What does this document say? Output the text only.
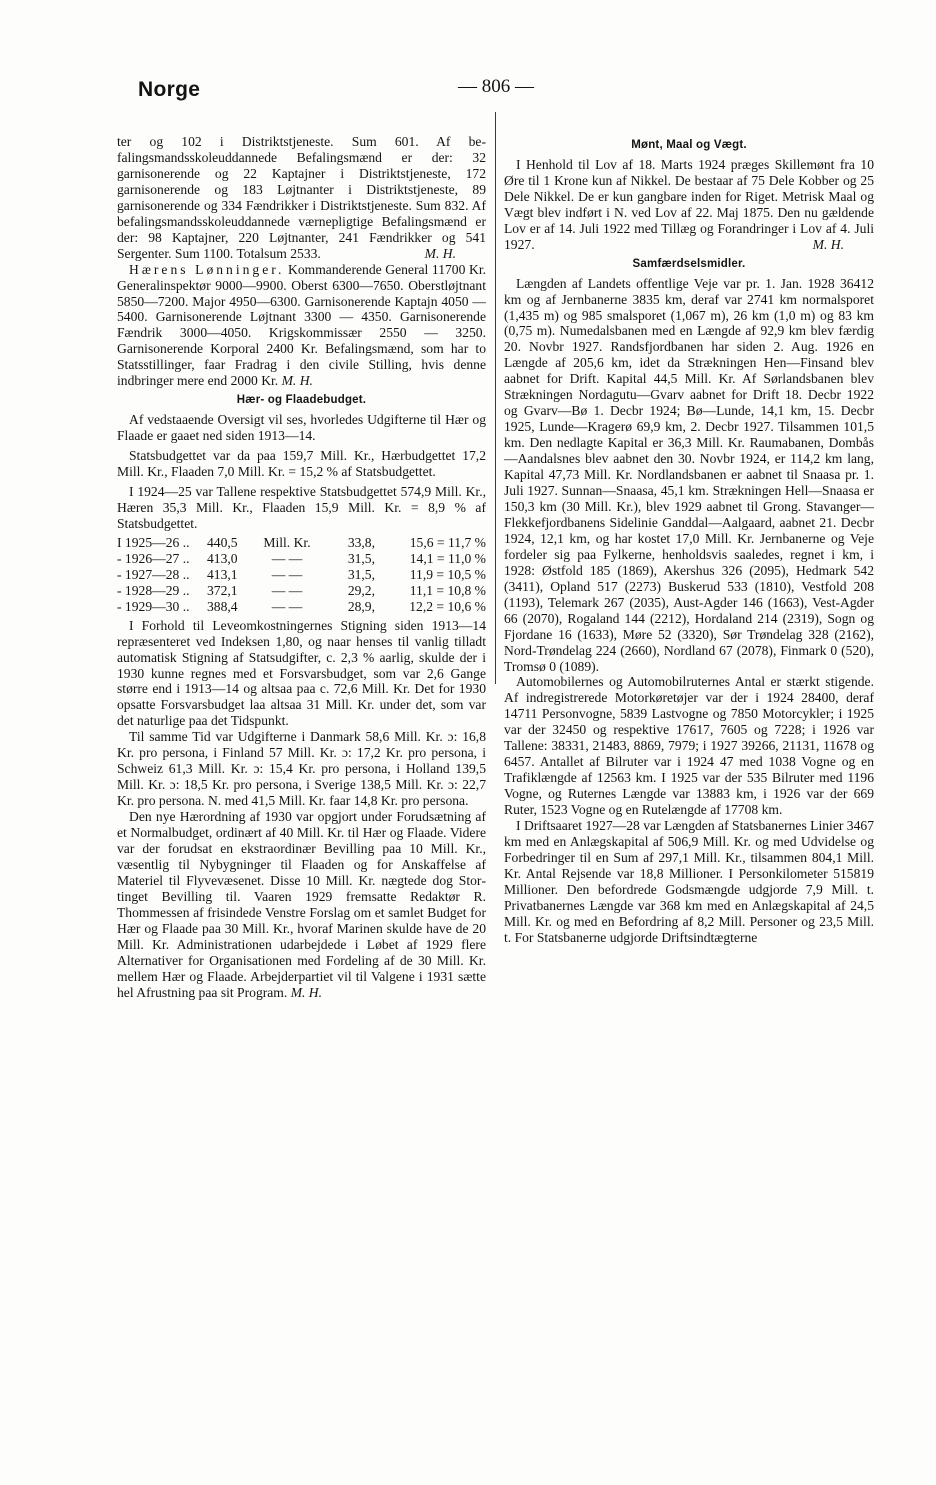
Norge	— 806 —

ter og 102 i Distriktstjeneste. Sum 601. Af befalingsmandsskoleuddannede Befalingsmænd er der: 32 garnisonerende og 22 Kaptajner i Distriktstjeneste, 172 garnisonerende og 183 Løjtnanter i Distriktstjeneste, 89 garnisonerende og 334 Fændrikker i Distriktstjeneste. Sum 832. Af befalingsmandsskoleuddannede værnepligtige Befalingsmænd er der: 98 Kaptajner, 220 Løjtnanter, 241 Fændrikker og 541 Sergenter. Sum 1100. Totalsum 2533.	M. H.

Hærens Lønninger. Kommanderende General 11700 Kr. Generalinspektør 9000—9900. Oberst 6300—7650. Oberstløjtnant 5850—7200. Major 4950—6300. Garnisonerende Kaptajn 4050 —5400. Garnisonerende Løjtnant 3300 — 4350. Garnisonerende Fændrik 3000—4050. Krigskommissær 2550 — 3250. Garnisonerende Korporal 2400 Kr. Befalingsmænd, som har to Statsstillinger, faar Fradrag i den civile Stilling, hvis denne indbringer mere end 2000 Kr. M. H.

Hær- og Flaadebudget.

Af vedstaaende Oversigt vil ses, hvorledes Udgifterne til Hær og Flaade er gaaet ned siden 1913—14.

Statsbudgettet var da paa 159,7 Mill. Kr., Hærbudgettet 17,2 Mill. Kr., Flaaden 7,0 Mill. Kr. = 15,2 % af Statsbudgettet.

I 1924—25 var Tallene respektive Statsbudgettet 574,9 Mill. Kr., Hæren 35,3 Mill. Kr., Flaaden 15,9 Mill. Kr. = 8,9 % af Statsbudgettet.

I 1925—26 ..	440,5	Mill. Kr.	33,8,	15,6 = 11,7 %
- 1926—27 ..	413,0	— —	31,5,	14,1 = 11,0 %
- 1927—28 ..	413,1	— —	31,5,	11,9 = 10,5 %
- 1928—29 ..	372,1	— —	29,2,	11,1 = 10,8 %
- 1929—30 ..	388,4	— —	28,9,	12,2 = 10,6 %

I Forhold til Leveomkostningernes Stigning siden 1913—14 repræsenteret ved Indeksen 1,80, og naar henses til vanlig tilladt automatisk Stigning af Statsudgifter, c. 2,3 % aarlig, skulde der i 1930 kunne regnes med et Forsvarsbudget, som var 2,6 Gange større end i 1913—14 og altsaa paa c. 72,6 Mill. Kr. Det for 1930 opsatte Forsvarsbudget laa altsaa 31 Mill. Kr. under det, som var det naturlige paa det Tidspunkt.

Til samme Tid var Udgifterne i Danmark 58,6 Mill. Kr. ɔ: 16,8 Kr. pro persona, i Finland 57 Mill. Kr. ɔ: 17,2 Kr. pro persona, i Schweiz 61,3 Mill. Kr. ɔ: 15,4 Kr. pro persona, i Holland 139,5 Mill. Kr. ɔ: 18,5 Kr. pro persona, i Sverige 138,5 Mill. Kr. ɔ: 22,7 Kr. pro persona. N. med 41,5 Mill. Kr. faar 14,8 Kr. pro persona.

Den nye Hærordning af 1930 var opgjort under Forudsætning af et Normalbudget, ordinært af 40 Mill. Kr. til Hær og Flaade. Videre var der forudsat en ekstraordinær Bevilling paa 10 Mill. Kr., væsentlig til Nybygninger til Flaaden og for Anskaffelse af Materiel til Flyvevæsenet. Disse 10 Mill. Kr. nægtede dog Stortinget Bevilling til. Vaaren 1929 fremsatte Redaktør R. Thommessen af frisindede Venstre Forslag om et samlet Budget for Hær og Flaade paa 30 Mill. Kr., hvoraf Marinen skulde have de 20 Mill. Kr. Administrationen udarbejdede i Løbet af 1929 flere Alternativer for Organisationen med Fordeling af de 30 Mill. Kr. mellem Hær og Flaade. Arbejderpartiet vil til Valgene i 1931 sætte hel Afrustning paa sit Program. M. H.

Mønt, Maal og Vægt.

I Henhold til Lov af 18. Marts 1924 præges Skillemønt fra 10 Øre til 1 Krone kun af Nikkel. De bestaar af 75 Dele Kobber og 25 Dele Nikkel. De er kun gangbare inden for Riget. Metrisk Maal og Vægt blev indført i N. ved Lov af 22. Maj 1875. Den nu gældende Lov er af 14. Juli 1922 med Tillæg og Forandringer i Lov af 4. Juli 1927.	M. H.

Samfærdselsmidler.

Længden af Landets offentlige Veje var pr. 1. Jan. 1928 36412 km og af Jernbanerne 3835 km, deraf var 2741 km normalsporet (1,435 m) og 985 smalsporet (1,067 m), 26 km (1,0 m) og 83 km (0,75 m). Numedalsbanen med en Længde af 92,9 km blev færdig 20. Novbr 1927. Randsfjordbanen har siden 2. Aug. 1926 en Længde af 205,6 km, idet da Strækningen Hen—Finsand blev aabnet for Drift. Kapital 44,5 Mill. Kr. Af Sørlandsbanen blev Strækningen Nordagutu—Gvarv aabnet for Drift 18. Decbr 1922 og Gvarv—Bø 1. Decbr 1924; Bø—Lunde, 14,1 km, 15. Decbr 1925, Lunde—Kragerø 69,9 km, 2. Decbr 1927. Tilsammen 101,5 km. Den nedlagte Kapital er 36,3 Mill. Kr. Raumabanen, Dombås —Aandalsnes blev aabnet den 30. Novbr 1924, er 114,2 km lang, Kapital 47,73 Mill. Kr. Nordlandsbanen er aabnet til Snaasa pr. 1. Juli 1927. Sunnan—Snaasa, 45,1 km. Strækningen Hell—Snaasa er 150,3 km (30 Mill. Kr.), blev 1929 aabnet til Grong. Stavanger—Flekkefjordbanens Sidelinie Ganddal—Aalgaard, aabnet 21. Decbr 1924, 12,1 km, og har kostet 17,0 Mill. Kr. Jernbanerne og Veje fordeler sig paa Fylkerne, henholdsvis saaledes, regnet i km, i 1928: Østfold 185 (1869), Akershus 326 (2095), Hedmark 542 (3411), Opland 517 (2273) Buskerud 533 (1810), Vestfold 208 (1193), Telemark 267 (2035), Aust-Agder 146 (1663), Vest-Agder 66 (2070), Rogaland 144 (2212), Hordaland 214 (2319), Sogn og Fjordane 16 (1633), Møre 52 (3320), Sør Trøndelag 328 (2162), Nord-Trøndelag 224 (2660), Nordland 67 (2078), Finmark 0 (520), Tromsø 0 (1089).

Automobilernes og Automobilruternes Antal er stærkt stigende. Af indregistrerede Motorkøretøjer var der i 1924 28400, deraf 14711 Personvogne, 5839 Lastvogne og 7850 Motorcykler; i 1925 var der 32450 og respektive 17617, 7605 og 7228; i 1926 var Tallene: 38331, 21483, 8869, 7979; i 1927 39266, 21131, 11678 og 6457. Antallet af Bilruter var i 1924 47 med 1038 Vogne og en Trafiklængde af 12563 km. I 1925 var der 535 Bilruter med 1196 Vogne, og Ruternes Længde var 13883 km, i 1926 var der 669 Ruter, 1523 Vogne og en Rutelængde af 17708 km.

I Driftsaaret 1927—28 var Længden af Statsbanernes Linier 3467 km med en Anlægskapital af 506,9 Mill. Kr. og med Udvidelse og Forbedringer til en Sum af 297,1 Mill. Kr., tilsammen 804,1 Mill. Kr. Antal Rejsende var 18,8 Millioner. I Personkilometer 515819 Millioner. Den befordrede Godsmængde udgjorde 7,9 Mill. t. Privatbanernes Længde var 368 km med en Anlægskapital af 24,5 Mill. Kr. og med en Befordring af 8,2 Mill. Personer og 23,5 Mill. t. For Statsbanerne udgjorde Driftsindtægterne
